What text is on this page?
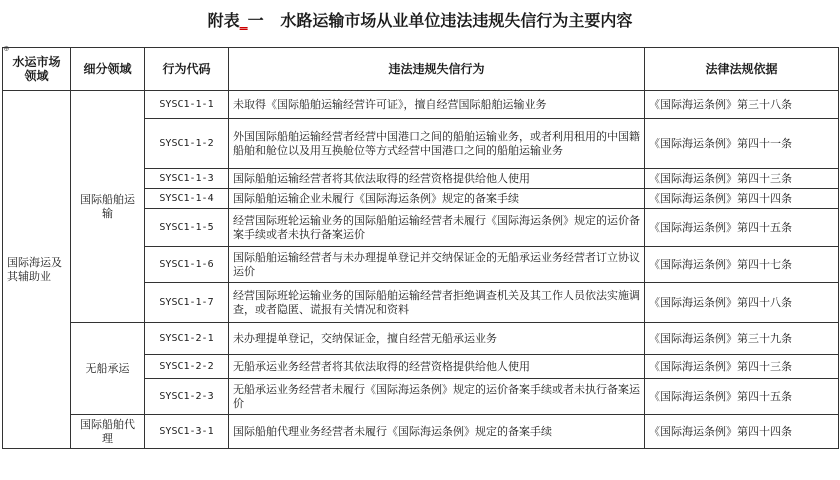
附表_一 水路运输市场从业单位违法违规失信行为主要内容
⊕
水运市场领域	细分领域	行为代码	违法违规失信行为	法律法规依据
国际海运及其辅助业	国际船舶运输	SYSC1-1-1	未取得《国际船舶运输经营许可证》，擅自经营国际船舶运输业务	《国际海运条例》第三十八条
		SYSC1-1-2	外国国际船舶运输经营者经营中国港口之间的船舶运输业务，或者利用租用的中国籍船舶和舱位以及用互换舱位等方式经营中国港口之间的船舶运输业务	《国际海运条例》第四十一条
		SYSC1-1-3	国际船舶运输经营者将其依法取得的经营资格提供给他人使用	《国际海运条例》第四十三条
		SYSC1-1-4	国际船舶运输企业未履行《国际海运条例》规定的备案手续	《国际海运条例》第四十四条
		SYSC1-1-5	经营国际班轮运输业务的国际船舶运输经营者未履行《国际海运条例》规定的运价备案手续或者未执行备案运价	《国际海运条例》第四十五条
		SYSC1-1-6	国际船舶运输经营者与未办理提单登记并交纳保证金的无船承运业务经营者订立协议运价	《国际海运条例》第四十七条
		SYSC1-1-7	经营国际班轮运输业务的国际船舶运输经营者拒绝调查机关及其工作人员依法实施调查，或者隐匿、谎报有关情况和资料	《国际海运条例》第四十八条
	无船承运	SYSC1-2-1	未办理提单登记，交纳保证金，擅自经营无船承运业务	《国际海运条例》第三十九条
		SYSC1-2-2	无船承运业务经营者将其依法取得的经营资格提供给他人使用	《国际海运条例》第四十三条
		SYSC1-2-3	无船承运业务经营者未履行《国际海运条例》规定的运价备案手续或者未执行备案运价	《国际海运条例》第四十五条
	国际船舶代理	SYSC1-3-1	国际船舶代理业务经营者未履行《国际海运条例》规定的备案手续	《国际海运条例》第四十四条
